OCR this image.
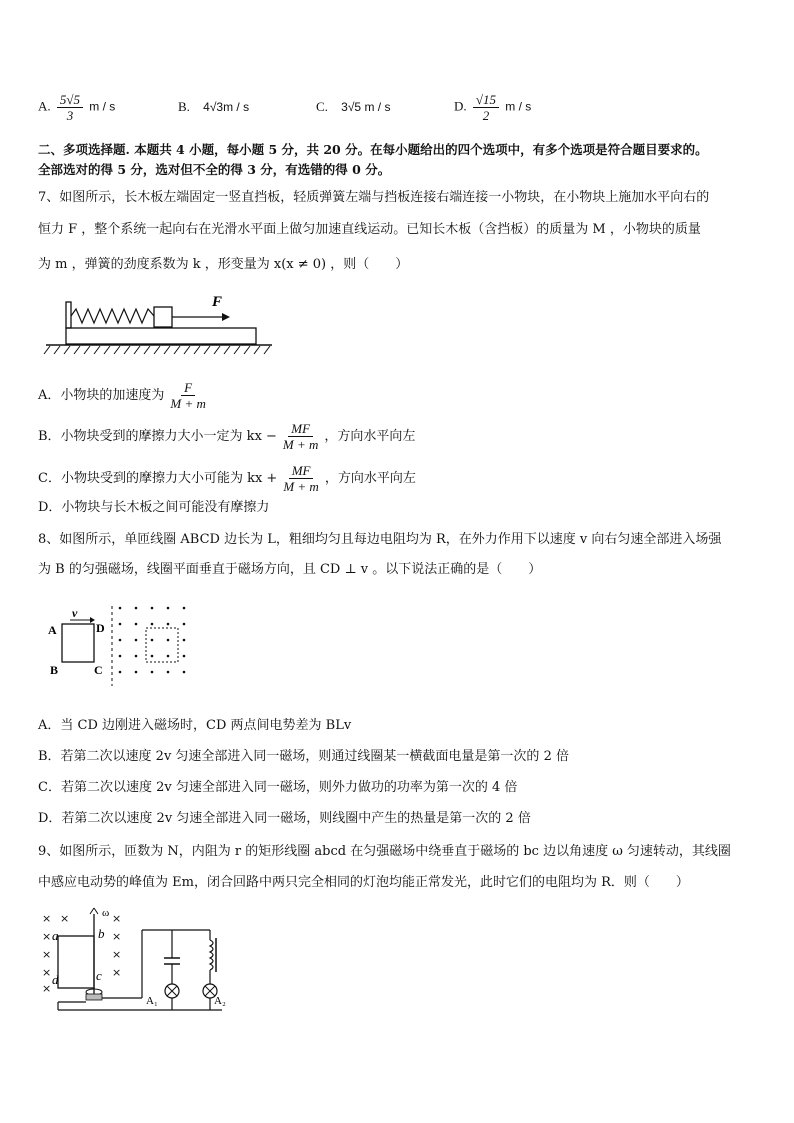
A. $\frac{5√5}{3}$ m / s	B. 4√3m / s	C. 3√5 m / s	D. $\frac{√15}{2}$ m / s
二、多项选择题. 本题共 4 小题，每小题 5 分，共 20 分。在每小题给出的四个选项中，有多个选项是符合题目要求的。
全部选对的得 5 分，选对但不全的得 3 分，有选错的得 0 分。
7、如图所示，长木板左端固定一竖直挡板，轻质弹簧左端与挡板连接右端连接一小物块，在小物块上施加水平向右的
恒力 F ，整个系统一起向右在光滑水平面上做匀加速直线运动。已知长木板（含挡板）的质量为 M ，小物块的质量
为 m ，弹簧的劲度系数为 k ，形变量为 x(x ≠ 0) ，则（　　）
F
A．小物块的加速度为 $\frac{F}{M + m}$
B．小物块受到的摩擦力大小一定为 kx − $\frac{MF}{M + m}$ ，方向水平向左
C．小物块受到的摩擦力大小可能为 kx + $\frac{MF}{M + m}$ ，方向水平向左
D．小物块与长木板之间可能没有摩擦力
8、如图所示，单匝线圈 ABCD 边长为 L，粗细均匀且每边电阻均为 R，在外力作用下以速度 v 向右匀速全部进入场强
为 B 的匀强磁场，线圈平面垂直于磁场方向，且 CD ⊥ v 。以下说法正确的是（　　）
A
B
D
C
v
A．当 CD 边刚进入磁场时，CD 两点间电势差为 BLv
B．若第二次以速度 2v 匀速全部进入同一磁场，则通过线圈某一横截面电量是第一次的 2 倍
C．若第二次以速度 2v 匀速全部进入同一磁场，则外力做功的功率为第一次的 4 倍
D．若第二次以速度 2v 匀速全部进入同一磁场，则线圈中产生的热量是第一次的 2 倍
9、如图所示，匝数为 N，内阻为 r 的矩形线圈 abcd 在匀强磁场中绕垂直于磁场的 bc 边以角速度 ω 匀速转动，其线圈
中感应电动势的峰值为 Em，闭合回路中两只完全相同的灯泡均能正常发光，此时它们的电阻均为 R．则（　　）
× ×	×
×	×
×	×
×	×
×
ω
a	b
c
d
A₁	A₂
